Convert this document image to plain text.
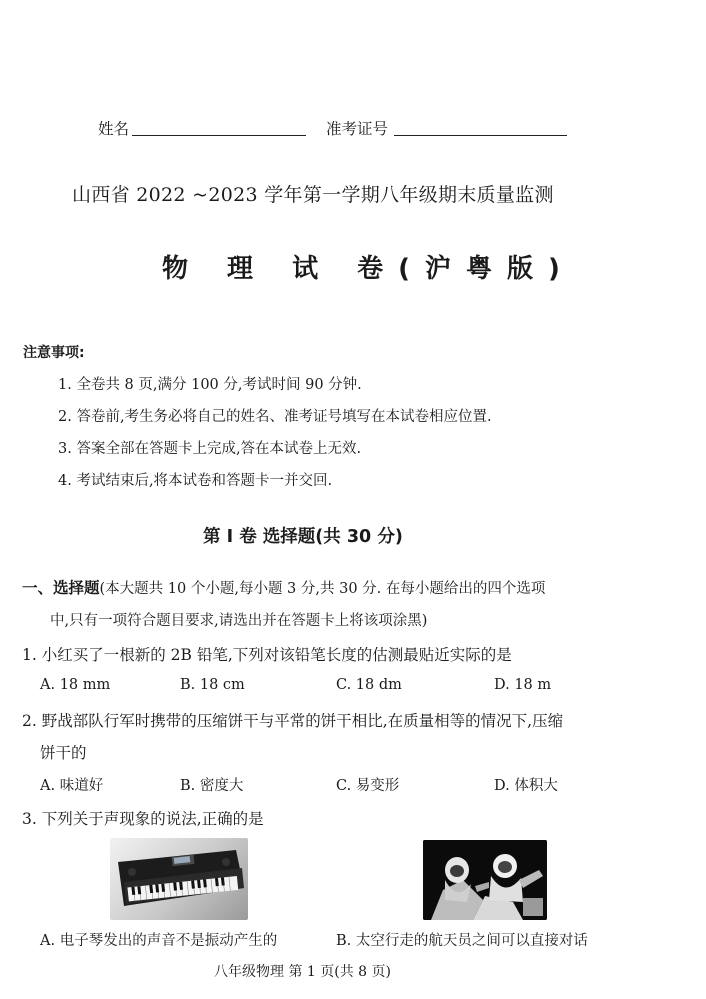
姓名	准考证号
山西省 2022 ~2023 学年第一学期八年级期末质量监测
物 理 试 卷(沪粤版)
注意事项:
1. 全卷共 8 页,满分 100 分,考试时间 90 分钟.
2. 答卷前,考生务必将自己的姓名、准考证号填写在本试卷相应位置.
3. 答案全部在答题卡上完成,答在本试卷上无效.
4. 考试结束后,将本试卷和答题卡一并交回.
第 I 卷 选择题(共 30 分)
一、选择题(本大题共 10 个小题,每小题 3 分,共 30 分. 在每小题给出的四个选项
中,只有一项符合题目要求,请选出并在答题卡上将该项涂黑)
1. 小红买了一根新的 2B 铅笔,下列对该铅笔长度的估测最贴近实际的是
A. 18 mm	B. 18 cm	C. 18 dm	D. 18 m
2. 野战部队行军时携带的压缩饼干与平常的饼干相比,在质量相等的情况下,压缩
饼干的
A. 味道好	B. 密度大	C. 易变形	D. 体积大
3. 下列关于声现象的说法,正确的是
A. 电子琴发出的声音不是振动产生的	B. 太空行走的航天员之间可以直接对话
八年级物理 第 1 页(共 8 页)
